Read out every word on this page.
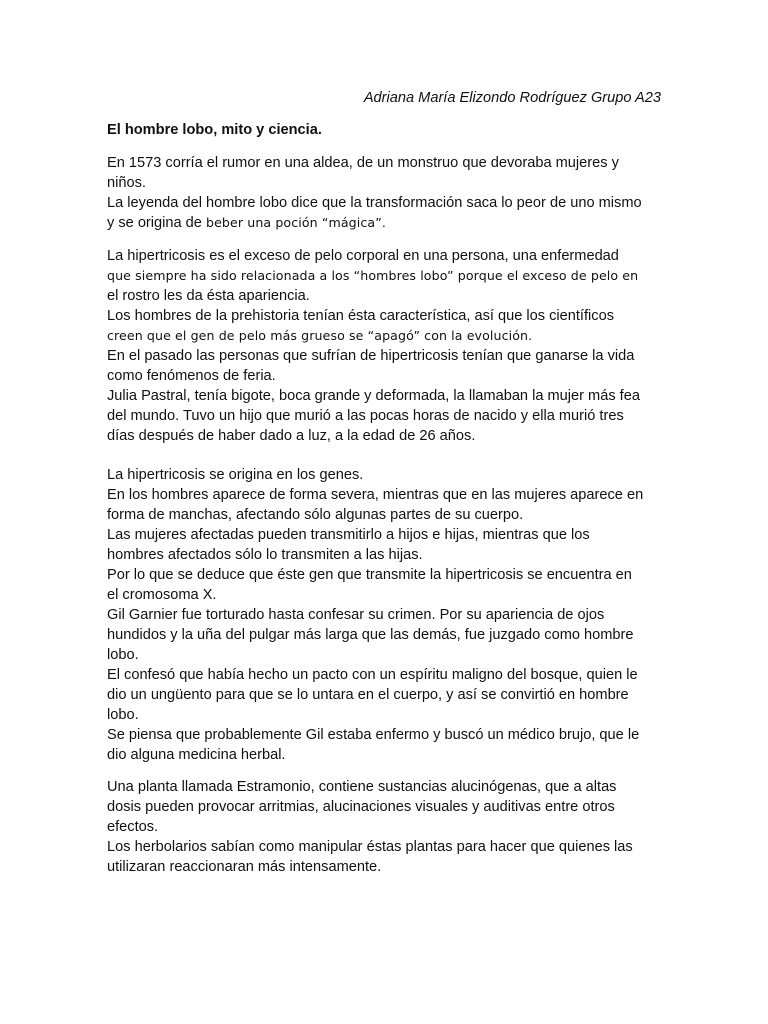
Adriana María Elizondo Rodríguez Grupo A23
El hombre lobo, mito y ciencia.
En 1573 corría el rumor en una aldea, de un monstruo que devoraba mujeres y
niños.
La leyenda del hombre lobo dice que la transformación saca lo peor de uno mismo
y se origina de beber una poción “mágica”.
La hipertricosis es el exceso de pelo corporal en una persona, una enfermedad
que siempre ha sido relacionada a los “hombres lobo” porque el exceso de pelo en
el rostro les da ésta apariencia.
Los hombres de la prehistoria tenían ésta característica, así que los científicos
creen que el gen de pelo más grueso se “apagó” con la evolución.
En el pasado las personas que sufrían de hipertricosis tenían que ganarse la vida
como fenómenos de feria.
Julia Pastral, tenía bigote, boca grande y deformada, la llamaban la mujer más fea
del mundo. Tuvo un hijo que murió a las pocas horas de nacido y ella murió tres
días después de haber dado a luz, a la edad de 26 años.
La hipertricosis se origina en los genes.
En los hombres aparece de forma severa, mientras que en las mujeres aparece en
forma de manchas, afectando sólo algunas partes de su cuerpo.
Las mujeres afectadas pueden transmitirlo a hijos e hijas, mientras que los
hombres afectados sólo lo transmiten a las hijas.
Por lo que se deduce que éste gen que transmite la hipertricosis se encuentra en
el cromosoma X.
Gil Garnier fue torturado hasta confesar su crimen. Por su apariencia de ojos
hundidos y la uña del pulgar más larga que las demás, fue juzgado como hombre
lobo.
El confesó que había hecho un pacto con un espíritu maligno del bosque, quien le
dio un ungüento para que se lo untara en el cuerpo, y así se convirtió en hombre
lobo.
Se piensa que probablemente Gil estaba enfermo y buscó un médico brujo, que le
dio alguna medicina herbal.
Una planta llamada Estramonio, contiene sustancias alucinógenas, que a altas
dosis pueden provocar arritmias, alucinaciones visuales y auditivas entre otros
efectos.
Los herbolarios sabían como manipular éstas plantas para hacer que quienes las
utilizaran reaccionaran más intensamente.
